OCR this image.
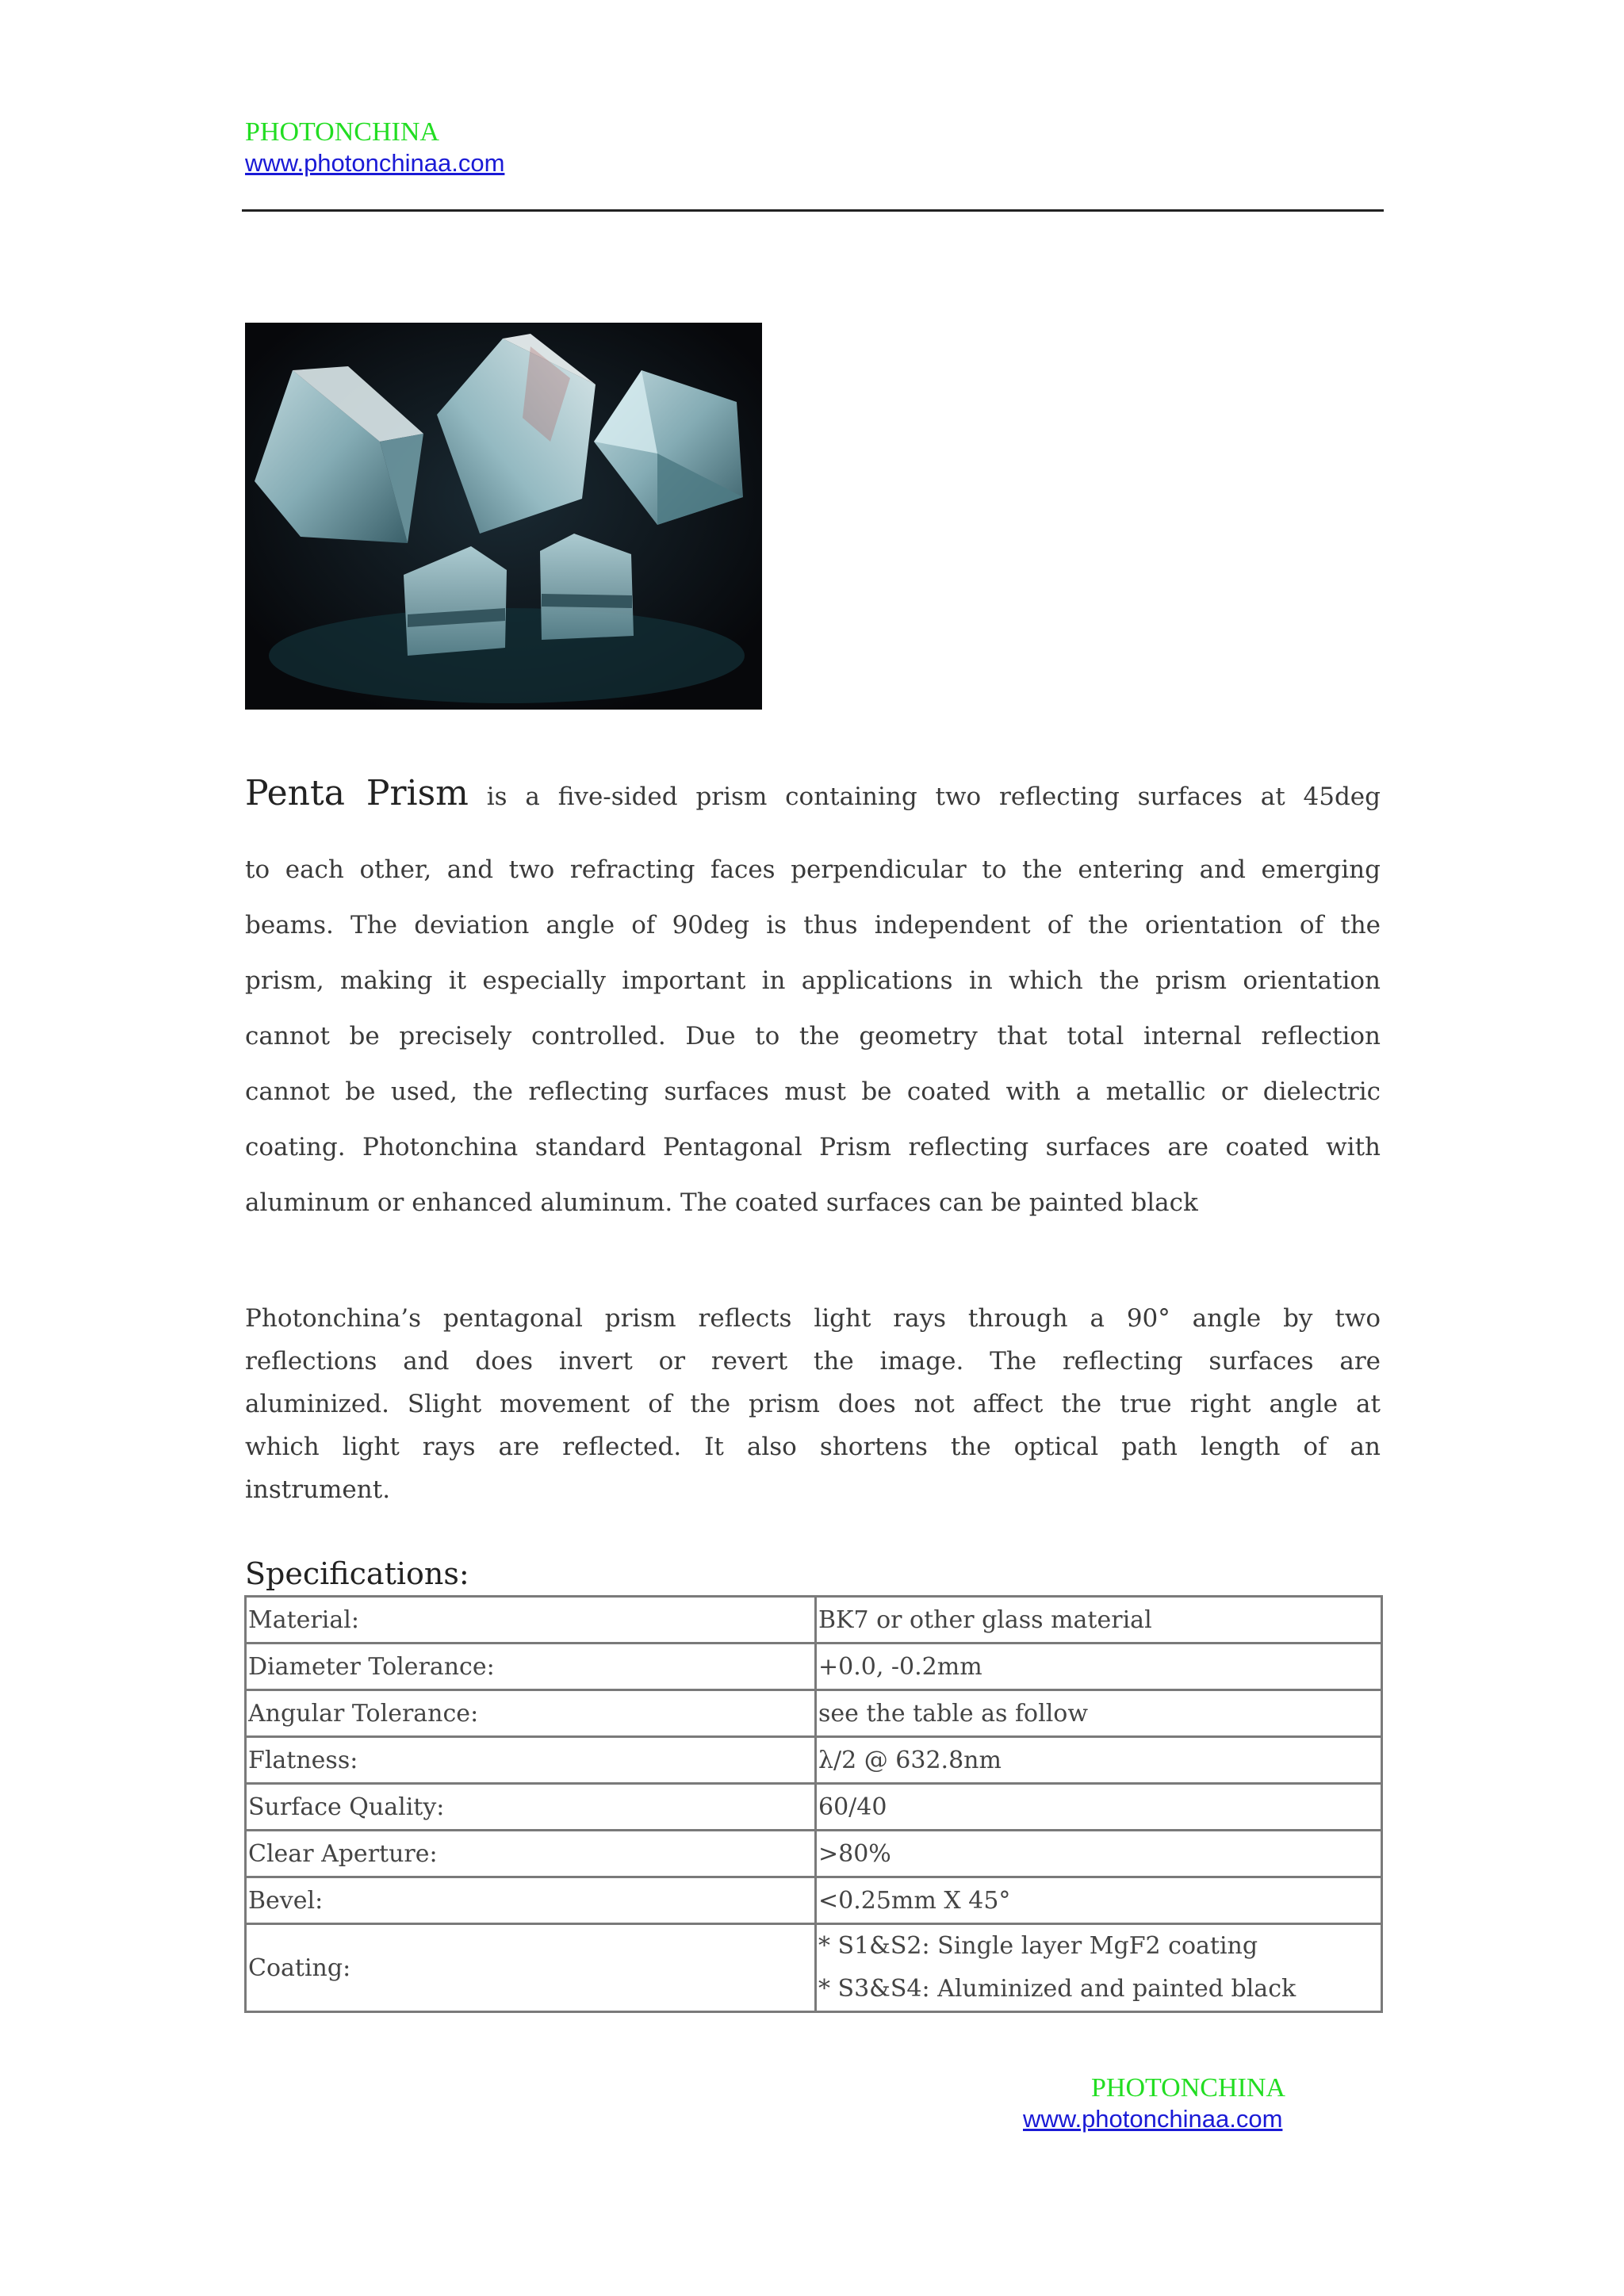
PHOTONCHINA
www.photonchinaa.com
Penta Prism is a five-sided prism containing two reflecting surfaces at 45deg
to each other, and two refracting faces perpendicular to the entering and emerging
beams. The deviation angle of 90deg is thus independent of the orientation of the
prism, making it especially important in applications in which the prism orientation
cannot be precisely controlled. Due to the geometry that total internal reflection
cannot be used, the reflecting surfaces must be coated with a metallic or dielectric
coating. Photonchina standard Pentagonal Prism reflecting surfaces are coated with
aluminum or enhanced aluminum. The coated surfaces can be painted black
Photonchina’s pentagonal prism reflects light rays through a 90° angle by two
reflections and does invert or revert the image. The reflecting surfaces are
aluminized. Slight movement of the prism does not affect the true right angle at
which light rays are reflected. It also shortens the optical path length of an
instrument.
Specifications:
Material:	BK7 or other glass material
Diameter Tolerance:	+0.0, -0.2mm
Angular Tolerance:	see the table as follow
Flatness:	λ/2 @ 632.8nm
Surface Quality:	60/40
Clear Aperture:	>80%
Bevel:	<0.25mm X 45°
Coating:	* S1&S2: Single layer MgF2 coating
* S3&S4: Aluminized and painted black
PHOTONCHINA
www.photonchinaa.com
